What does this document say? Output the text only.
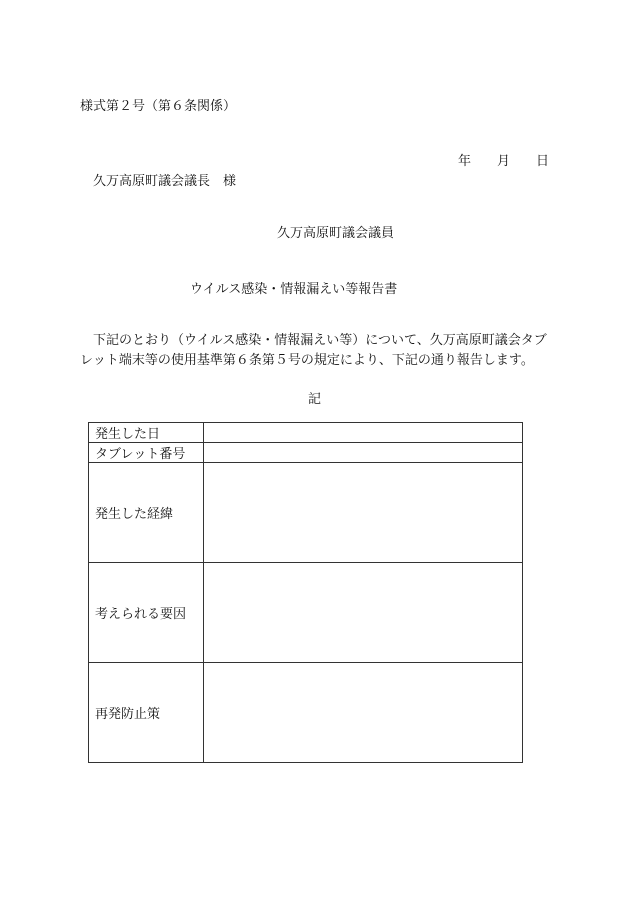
様式第２号（第６条関係）
年 月 日
久万高原町議会議長　様
久万高原町議会議員
ウイルス感染・情報漏えい等報告書
下記のとおり（ウイルス感染・情報漏えい等）について、久万高原町議会タブレット端末等の使用基準第６条第５号の規定により、下記の通り報告します。
記
発生した日	
タブレット番号	
発生した経緯	
考えられる要因	
再発防止策	
